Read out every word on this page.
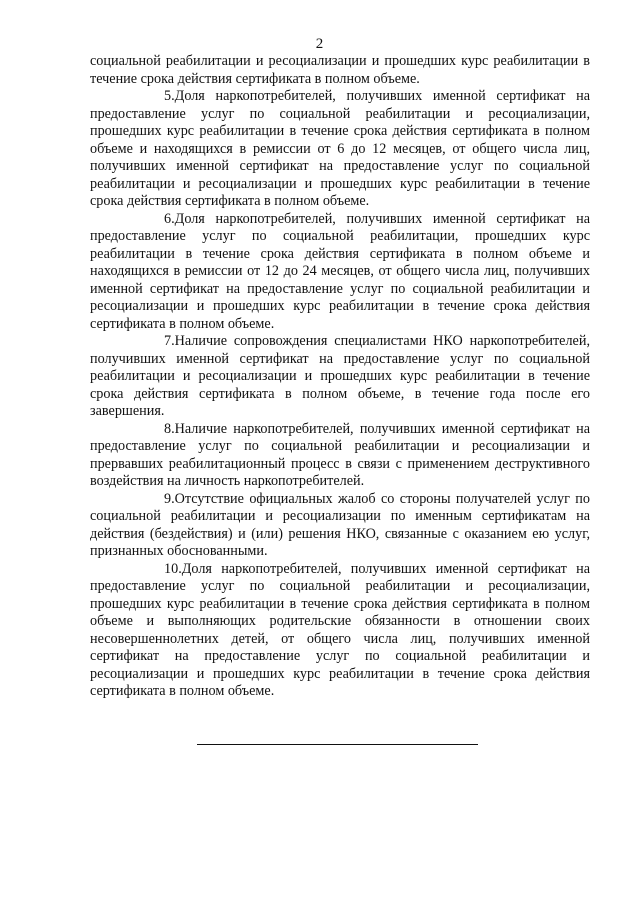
2

социальной реабилитации и ресоциализации и прошедших курс реабилитации в течение срока действия сертификата в полном объеме.

5.Доля наркопотребителей, получивших именной сертификат на предоставление услуг по социальной реабилитации и ресоциализации, прошедших курс реабилитации в течение срока действия сертификата в полном объеме и находящихся в ремиссии от 6 до 12 месяцев, от общего числа лиц, получивших именной сертификат на предоставление услуг по социальной реабилитации и ресоциализации и прошедших курс реабилитации в течение срока действия сертификата в полном объеме.

6.Доля наркопотребителей, получивших именной сертификат на предоставление услуг по социальной реабилитации, прошедших курс реабилитации в течение срока действия сертификата в полном объеме и находящихся в ремиссии от 12 до 24 месяцев, от общего числа лиц, получивших именной сертификат на предоставление услуг по социальной реабилитации и ресоциализации и прошедших курс реабилитации в течение срока действия сертификата в полном объеме.

7.Наличие сопровождения специалистами НКО наркопотребителей, получивших именной сертификат на предоставление услуг по социальной реабилитации и ресоциализации и прошедших курс реабилитации в течение срока действия сертификата в полном объеме, в течение года после его завершения.

8.Наличие наркопотребителей, получивших именной сертификат на предоставление услуг по социальной реабилитации и ресоциализации и прервавших реабилитационный процесс в связи с применением деструктивного воздействия на личность наркопотребителей.

9.Отсутствие официальных жалоб со стороны получателей услуг по социальной реабилитации и ресоциализации по именным сертификатам на действия (бездействия) и (или) решения НКО, связанные с оказанием ею услуг, признанных обоснованными.

10.Доля наркопотребителей, получивших именной сертификат на предоставление услуг по социальной реабилитации и ресоциализации, прошедших курс реабилитации в течение срока действия сертификата в полном объеме и выполняющих родительские обязанности в отношении своих несовершеннолетних детей, от общего числа лиц, получивших именной сертификат на предоставление услуг по социальной реабилитации и ресоциализации и прошедших курс реабилитации в течение срока действия сертификата в полном объеме.
